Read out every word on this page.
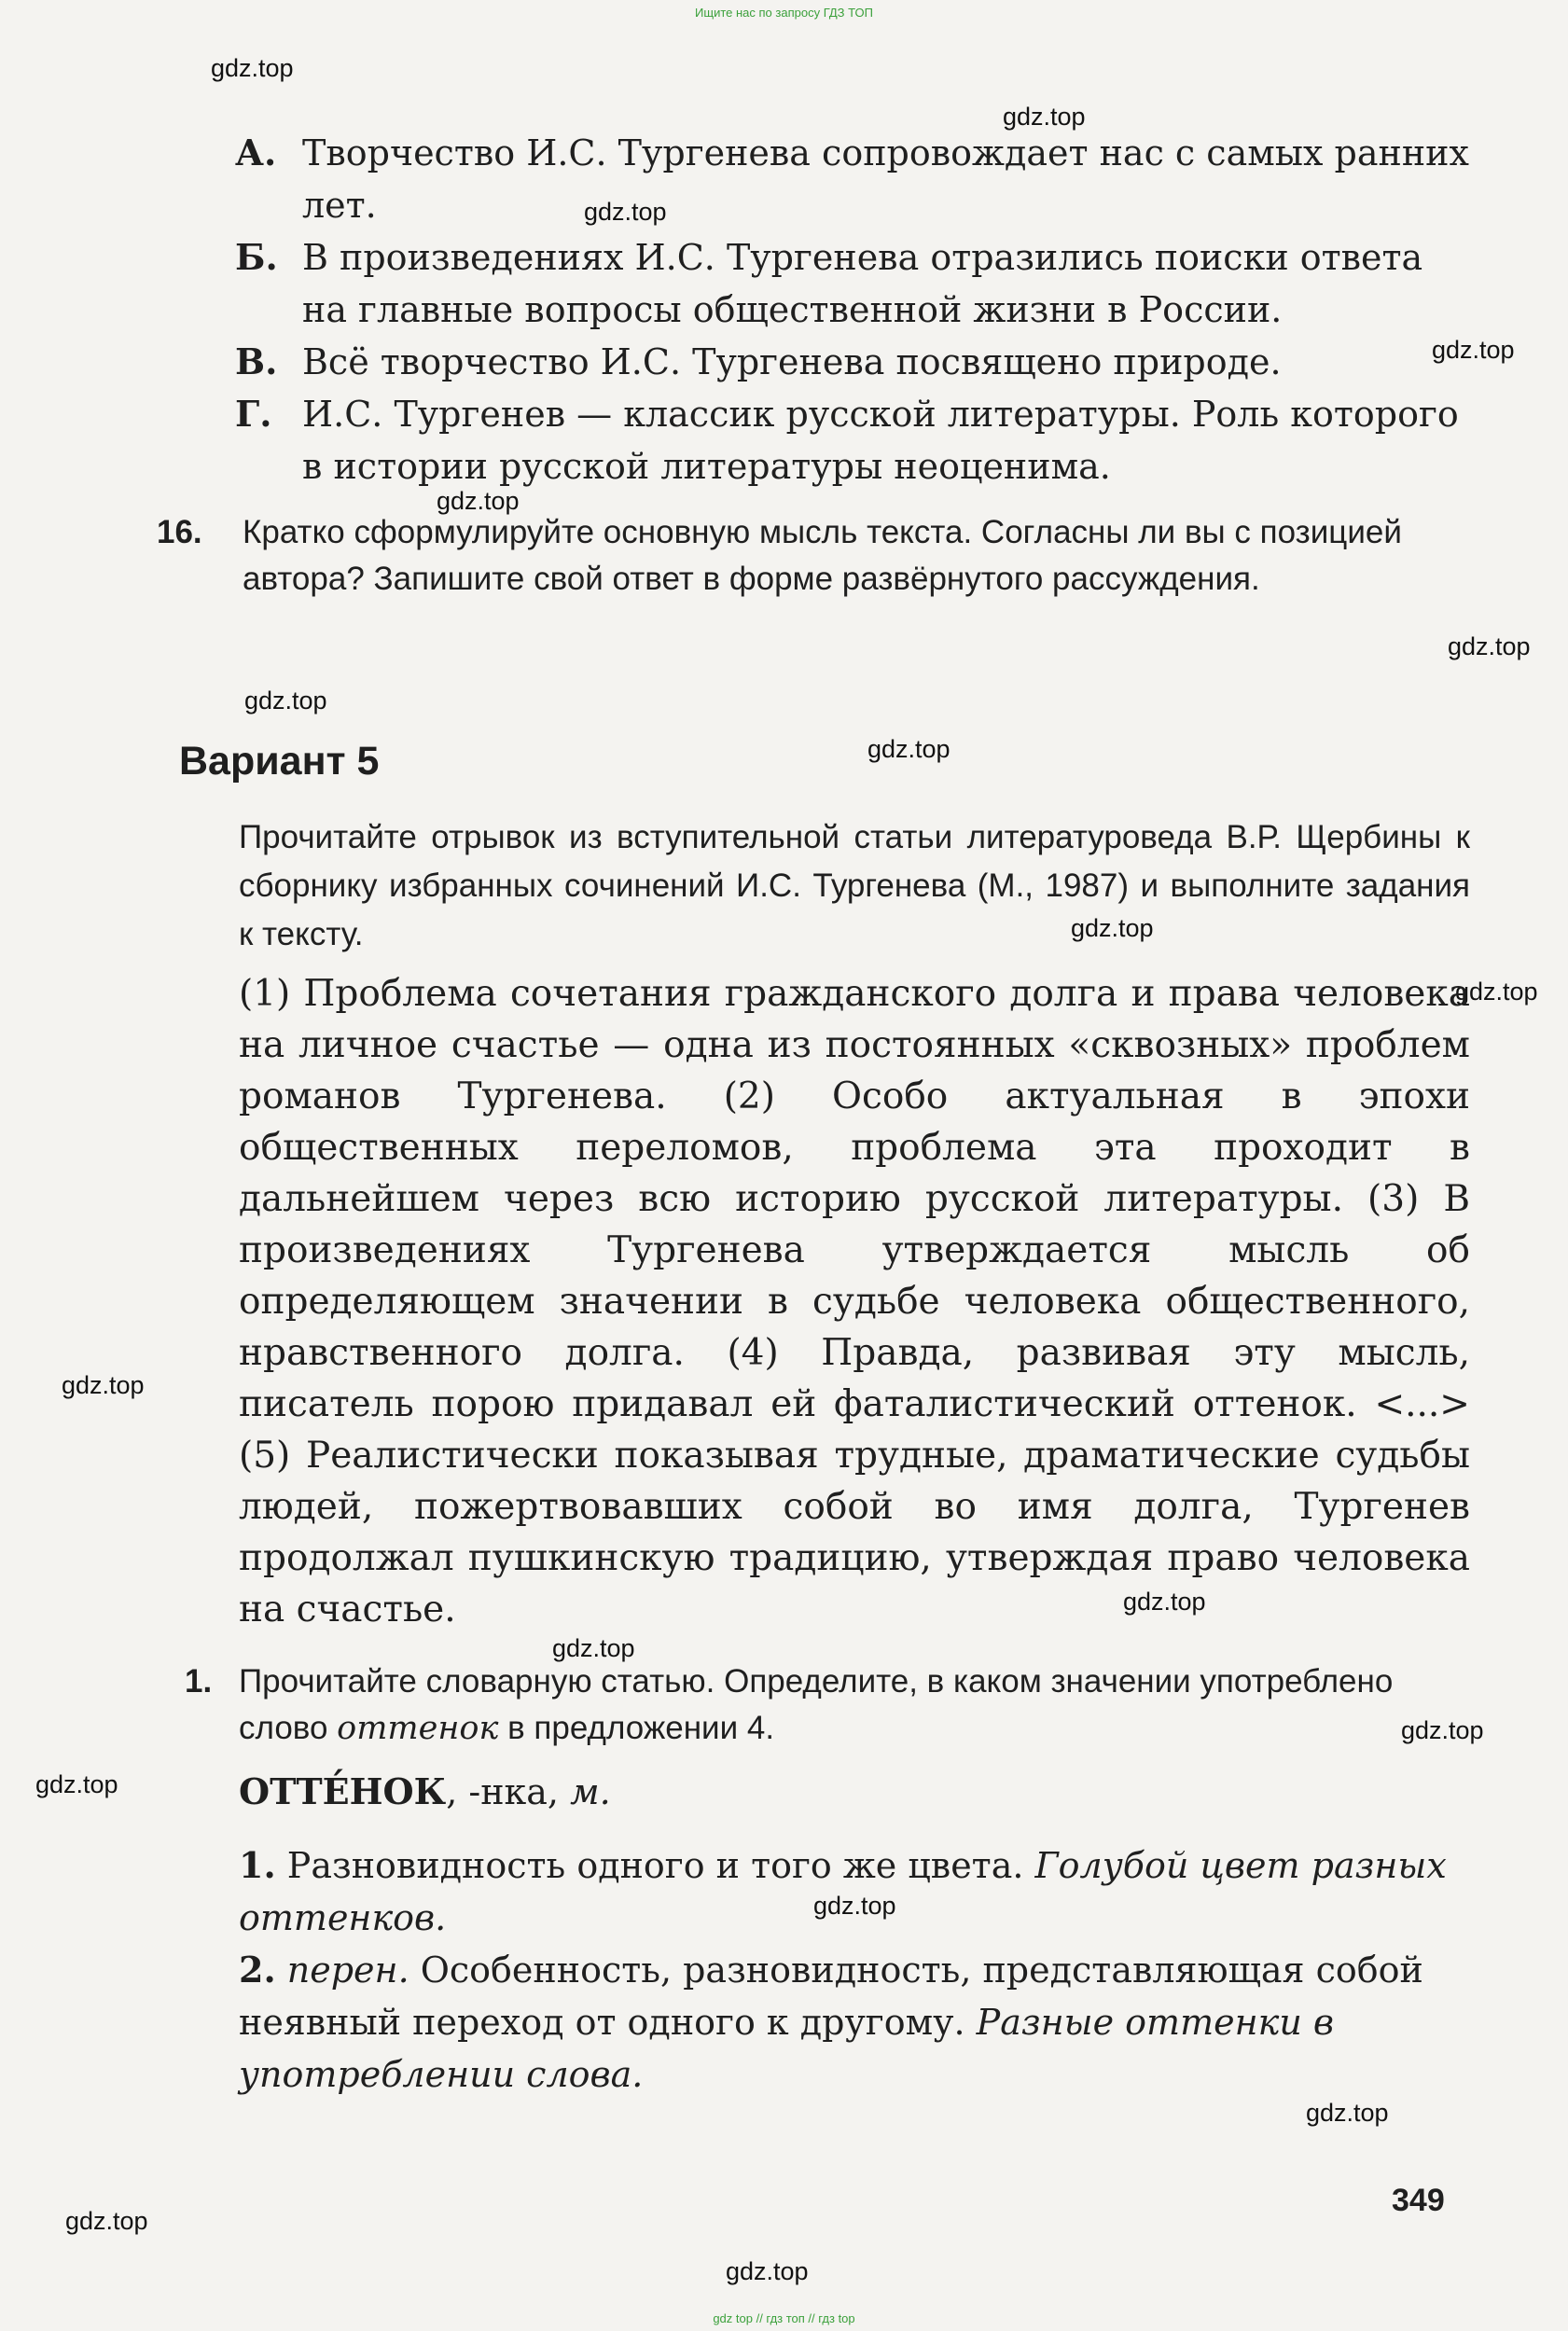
Ищите нас по запросу ГДЗ ТОП
gdz.top
gdz.top
gdz.top
gdz.top
gdz.top
gdz.top
gdz.top
gdz.top
gdz.top
gdz.top
gdz.top
gdz.top
gdz.top
gdz.top
gdz.top
gdz.top
gdz.top
gdz.top
gdz.top
А. Творчество И.С. Тургенева сопровождает нас с самых ранних лет.
Б. В произведениях И.С. Тургенева отразились поиски ответа на главные вопросы общественной жизни в России.
В. Всё творчество И.С. Тургенева посвящено природе.
Г. И.С. Тургенев — классик русской литературы. Роль которого в истории русской литературы неоценима.
16. Кратко сформулируйте основную мысль текста. Согласны ли вы с позицией автора? Запишите свой ответ в форме развёрнутого рассуждения.
Вариант 5
Прочитайте отрывок из вступительной статьи литературоведа В.Р. Щербины к сборнику избранных сочинений И.С. Тургенева (М., 1987) и выполните задания к тексту.
(1) Проблема сочетания гражданского долга и права человека на личное счастье — одна из постоянных «сквозных» проблем романов Тургенева. (2) Особо актуальная в эпохи общественных переломов, проблема эта проходит в дальнейшем через всю историю русской литературы. (3) В произведениях Тургенева утверждается мысль об определяющем значении в судьбе человека общественного, нравственного долга. (4) Правда, развивая эту мысль, писатель порою придавал ей фаталистический оттенок. <...> (5) Реалистически показывая трудные, драматические судьбы людей, пожертвовавших собой во имя долга, Тургенев продолжал пушкинскую традицию, утверждая право человека на счастье.
1. Прочитайте словарную статью. Определите, в каком значении употреблено слово оттенок в предложении 4.
ОТТЕ́НОК, -нка, м.

1. Разновидность одного и того же цвета. Голубой цвет разных оттенков.

2. перен. Особенность, разновидность, представляющая собой неявный переход от одного к другому. Разные оттенки в употреблении слова.

349
gdz top // гдз топ // гдз top
